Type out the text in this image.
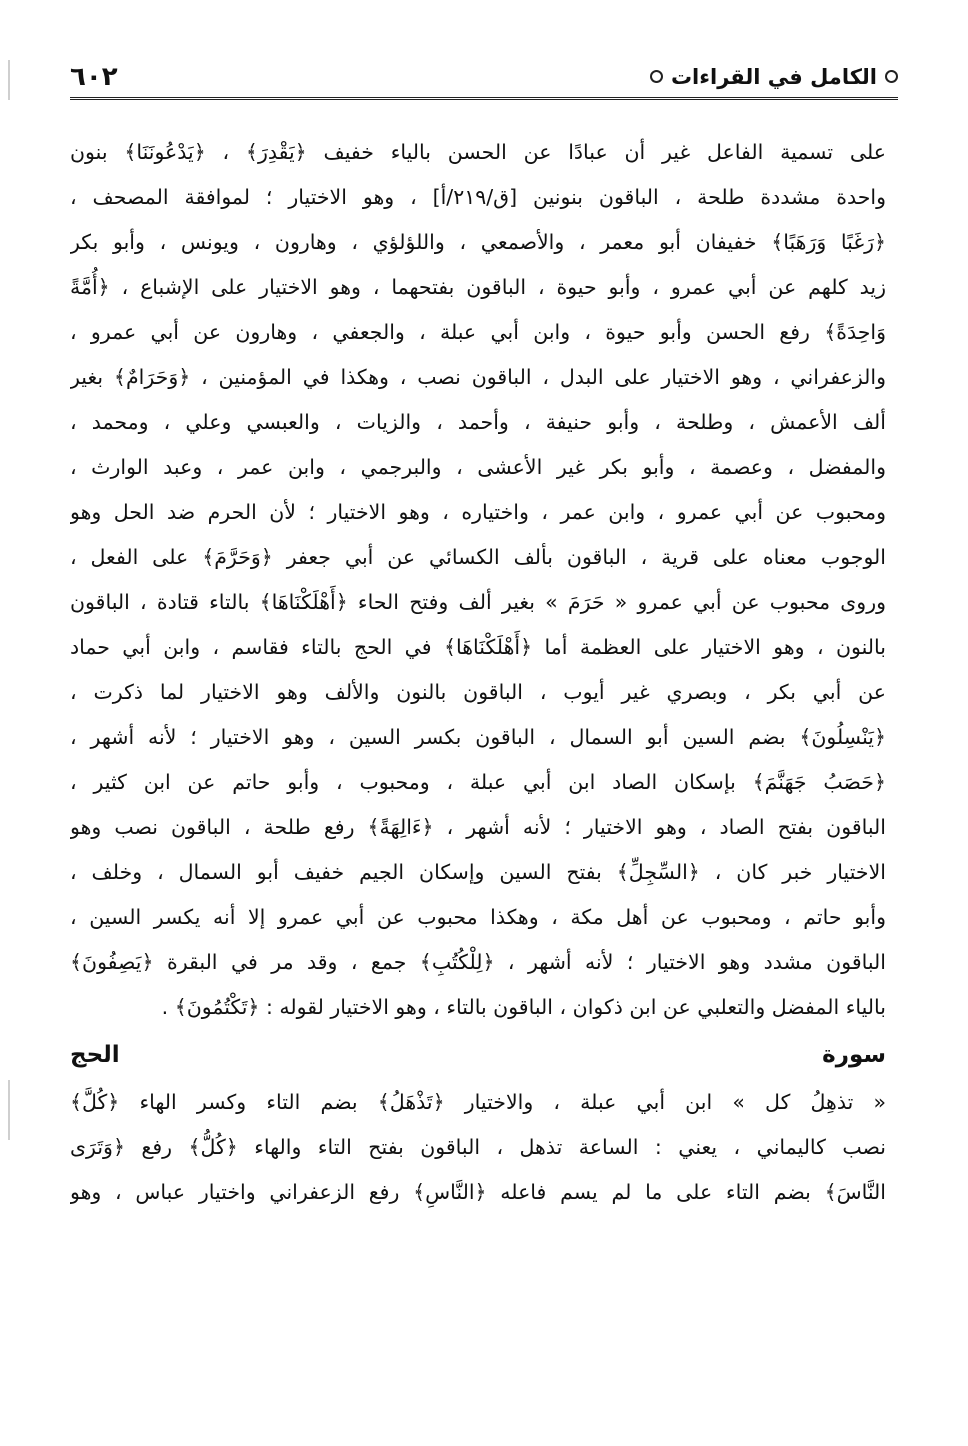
الكامل في القراءات
٦٠٢
على تسمية الفاعل غير أن عبادًا عن الحسن بالياء خفيف ﴿يَقْدِرَ﴾ ، ﴿يَدْعُونَنَا﴾ بنون
واحدة مشددة طلحة ، الباقون بنونين [ق/٢١٩/أ] ، وهو الاختيار ؛ لموافقة المصحف ،
﴿رَغَبًا وَرَهَبًا﴾ خفيفان أبو معمر ، والأصمعي ، واللؤلؤي ، وهارون ، ويونس ، وأبو بكر
زيد كلهم عن أبي عمرو ، وأبو حيوة ، الباقون بفتحهما ، وهو الاختيار على الإشباع ، ﴿أُمَّةً
وَاحِدَةً﴾ رفع الحسن وأبو حيوة ، وابن أبي عبلة ، والجعفي ، وهارون عن أبي عمرو ،
والزعفراني ، وهو الاختيار على البدل ، الباقون نصب ، وهكذا في المؤمنين ، ﴿وَحَرَامٌ﴾ بغير
ألف الأعمش ، وطلحة ، وأبو حنيفة ، وأحمد ، والزيات ، والعبسي وعلي ، ومحمد ،
والمفضل ، وعصمة ، وأبو بكر غير الأعشى ، والبرجمي ، وابن عمر ، وعبد الوارث ،
ومحبوب عن أبي عمرو ، وابن عمر ، واختياره ، وهو الاختيار ؛ لأن الحرم ضد الحل وهو
الوجوب معناه على قرية ، الباقون بألف الكسائي عن أبي جعفر ﴿وَحَرَّمَ﴾ على الفعل ،
وروى محبوب عن أبي عمرو « حَرَمَ » بغير ألف وفتح الحاء ﴿أَهْلَكْنَاهَا﴾ بالتاء قتادة ، الباقون
بالنون ، وهو الاختيار على العظمة أما ﴿أَهْلَكْنَاهَا﴾ في الحج بالتاء فقاسم ، وابن أبي حماد
عن أبي بكر ، وبصري غير أيوب ، الباقون بالنون والألف وهو الاختيار لما ذكرت ،
﴿يَنْسِلُونَ﴾ بضم السين أبو السمال ، الباقون بكسر السين ، وهو الاختيار ؛ لأنه أشهر ،
﴿حَصَبُ جَهَنَّمَ﴾ بإسكان الصاد ابن أبي عبلة ، ومحبوب ، وأبو حاتم عن ابن كثير ،
الباقون بفتح الصاد ، وهو الاختيار ؛ لأنه أشهر ، ﴿ءَالِهَةً﴾ رفع طلحة ، الباقون نصب وهو
الاختيار خبر كان ، ﴿السِّجِلِّ﴾ بفتح السين وإسكان الجيم خفيف أبو السمال ، وخلف ،
وأبو حاتم ، ومحبوب عن أهل مكة ، وهكذا محبوب عن أبي عمرو إلا أنه يكسر السين ،
الباقون مشدد وهو الاختيار ؛ لأنه أشهر ، ﴿لِلْكُتُبِ﴾ جمع ، وقد مر في البقرة ﴿يَصِفُونَ﴾
بالياء المفضل والتعلبي عن ابن ذكوان ، الباقون بالتاء ، وهو الاختيار لقوله : ﴿تَكْتُمُونَ﴾ .
سورة الحج
« تذهِلُ كل » ابن أبي عبلة ، والاختيار ﴿تَذْهَلُ﴾ بضم التاء وكسر الهاء ﴿كُلَّ﴾
نصب كاليماني ، يعني : الساعة تذهل ، الباقون بفتح التاء والهاء ﴿كُلُّ﴾ رفع ﴿وَتَرَى
النَّاسَ﴾ بضم التاء على ما لم يسم فاعله ﴿النَّاسِ﴾ رفع الزعفراني واختيار عباس ، وهو
